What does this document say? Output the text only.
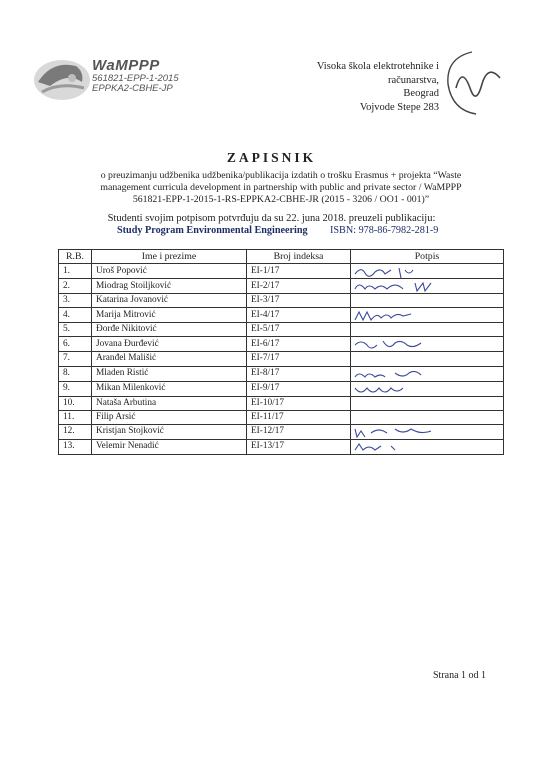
WaMPPP
561821-EPP-1-2015
EPPKA2-CBHE-JP
Visoka škola elektrotehnike i
računarstva,
Beograd
Vojvode Stepe 283
ZAPISNIK
o preuzimanju udžbenika udžbenika/publikacija izdatih o trošku Erasmus + projekta “Waste
management curricula development in partnership with public and private sector / WaMPPP
561821-EPP-1-2015-1-RS-EPPKA2-CBHE-JR (2015 - 3206 / OO1 - 001)”
Studenti svojim potpisom potvrđuju da su 22. juna 2018. preuzeli publikaciju:
Study Program Environmental Engineering ISBN: 978-86-7982-281-9
R.B.	Ime i prezime	Broj indeksa	Potpis
1.	Uroš Popović	EI-1/17	

2.	Miodrag Stoiljković	EI-2/17	

3.	Katarina Jovanović	EI-3/17	
4.	Marija Mitrović	EI-4/17	

5.	Đorđe Nikitović	EI-5/17	
6.	Jovana Đurđević	EI-6/17	

7.	Aranđel Mališić	EI-7/17	
8.	Mladen Ristić	EI-8/17	

9.	Mikan Milenković	EI-9/17	

10.	Nataša Arbutina	EI-10/17	
11.	Filip Arsić	EI-11/17	
12.	Kristjan Stojković	EI-12/17	

13.	Velemir Nenadić	EI-13/17	
Strana 1 od 1
